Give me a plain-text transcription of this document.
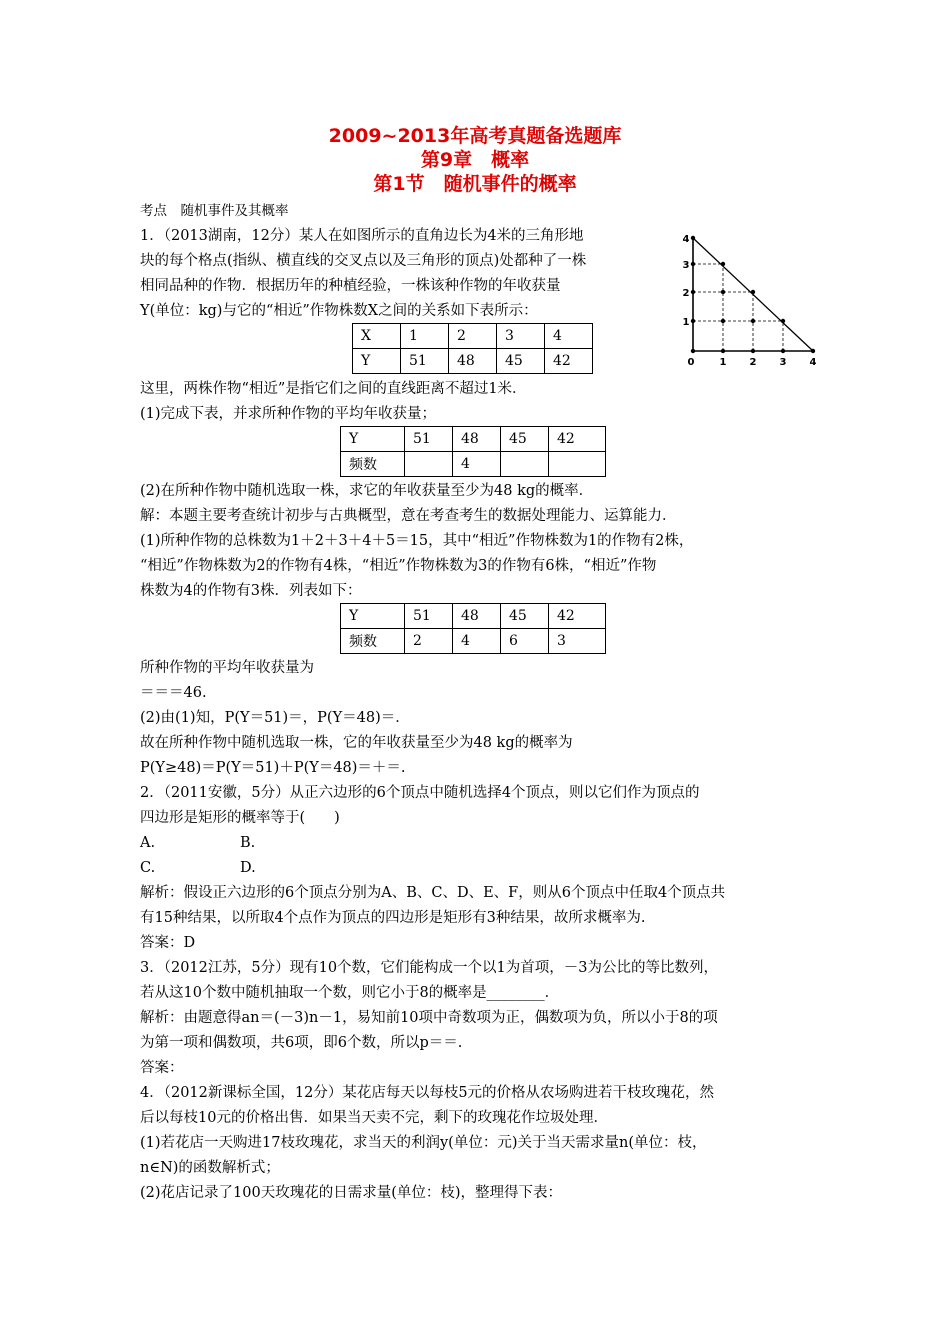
2009~2013年高考真题备选题库
第9章　概率
第1节　随机事件的概率
考点　随机事件及其概率
1．（2013湖南，12分）某人在如图所示的直角边长为4米的三角形地
块的每个格点(指纵、横直线的交叉点以及三角形的顶点)处都种了一株
相同品种的作物．根据历年的种植经验，一株该种作物的年收获量
Y(单位：kg)与它的“相近”作物株数X之间的关系如下表所示：
X	1	2	3	4
Y	51	48	45	42
这里，两株作物“相近”是指它们之间的直线距离不超过1米．
(1)完成下表，并求所种作物的平均年收获量；
Y	51	48	45	42
频数		4		
(2)在所种作物中随机选取一株，求它的年收获量至少为48 kg的概率．
解：本题主要考查统计初步与古典概型，意在考查考生的数据处理能力、运算能力．
(1)所种作物的总株数为1＋2＋3＋4＋5＝15，其中“相近”作物株数为1的作物有2株，
“相近”作物株数为2的作物有4株，“相近”作物株数为3的作物有6株，“相近”作物
株数为4的作物有3株．列表如下：
Y	51	48	45	42
频数	2	4	6	3
所种作物的平均年收获量为
＝＝＝46.
(2)由(1)知，P(Y＝51)＝，P(Y＝48)＝．
故在所种作物中随机选取一株，它的年收获量至少为48 kg的概率为
P(Y≥48)＝P(Y＝51)＋P(Y＝48)＝＋＝.
2．（2011安徽，5分）从正六边形的6个顶点中随机选择4个顶点，则以它们作为顶点的
四边形是矩形的概率等于(　　)
A.	B.
C.	D.
解析：假设正六边形的6个顶点分别为A、B、C、D、E、F，则从6个顶点中任取4个顶点共
有15种结果，以所取4个点作为顶点的四边形是矩形有3种结果，故所求概率为.
答案：D
3．（2012江苏，5分）现有10个数，它们能构成一个以1为首项，－3为公比的等比数列，
若从这10个数中随机抽取一个数，则它小于8的概率是________．
解析：由题意得an＝(－3)n－1，易知前10项中奇数项为正，偶数项为负，所以小于8的项
为第一项和偶数项，共6项，即6个数，所以p＝＝.
答案：
4．（2012新课标全国，12分）某花店每天以每枝5元的价格从农场购进若干枝玫瑰花，然
后以每枝10元的价格出售．如果当天卖不完，剩下的玫瑰花作垃圾处理．
(1)若花店一天购进17枝玫瑰花，求当天的利润y(单位：元)关于当天需求量n(单位：枝，
n∈N)的函数解析式；
(2)花店记录了100天玫瑰花的日需求量(单位：枝)，整理得下表：
0	1 2 3 4
1
2
3
4
